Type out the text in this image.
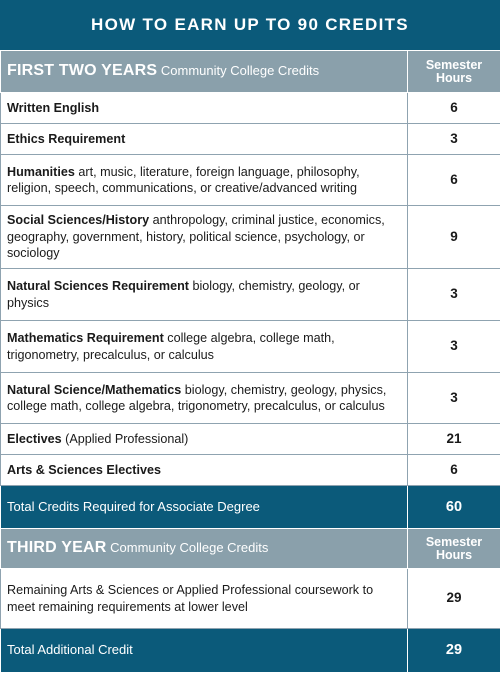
HOW TO EARN UP TO 90 CREDITS
FIRST TWO YEARS Community College Credits	Semester
Hours

Written English	6
Ethics Requirement	3
Humanities art, music, literature, foreign language, philosophy, religion, speech, communications, or creative/advanced writing	6
Social Sciences/History anthropology, criminal justice, economics, geography, government, history, political science, psychology, or sociology	9
Natural Sciences Requirement biology, chemistry, geology, or physics	3
Mathematics Requirement college algebra, college math, trigonometry, precalculus, or calculus	3
Natural Science/Mathematics biology, chemistry, geology, physics, college math, college algebra, trigonometry, precalculus, or calculus	3
Electives (Applied Professional)	21
Arts & Sciences Electives	6
Total Credits Required for Associate Degree	60
THIRD YEAR Community College Credits	Semester
Hours

Remaining Arts & Sciences or Applied Professional coursework to meet remaining requirements at lower level	29
Total Additional Credit	29
